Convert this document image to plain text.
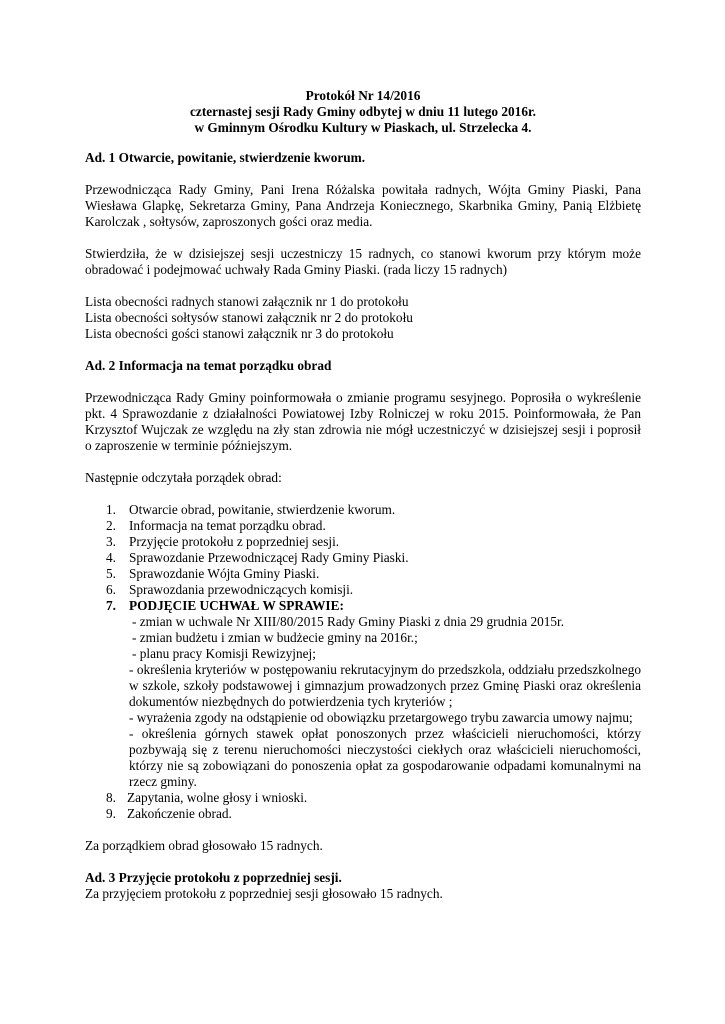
Protokół Nr 14/2016
czternastej sesji Rady Gminy odbytej w dniu 11 lutego 2016r.
w Gminnym Ośrodku Kultury w Piaskach, ul. Strzelecka 4.
Ad. 1 Otwarcie, powitanie, stwierdzenie kworum.
Przewodnicząca Rady Gminy, Pani Irena Różalska powitała radnych, Wójta Gminy Piaski, Pana Wiesława Glapkę, Sekretarza Gminy, Pana Andrzeja Koniecznego, Skarbnika Gminy, Panią Elżbietę Karolczak , sołtysów, zaproszonych gości oraz media.
Stwierdziła, że w dzisiejszej sesji uczestniczy 15 radnych, co stanowi kworum przy którym może obradować i podejmować uchwały Rada Gminy Piaski. (rada liczy 15 radnych)
Lista obecności radnych stanowi załącznik nr 1 do protokołu
Lista obecności sołtysów stanowi załącznik nr 2 do protokołu
Lista obecności gości stanowi załącznik nr 3 do protokołu
Ad. 2 Informacja na temat porządku obrad
Przewodnicząca Rady Gminy poinformowała o zmianie programu sesyjnego. Poprosiła o wykreślenie pkt. 4 Sprawozdanie z działalności Powiatowej Izby Rolniczej w roku 2015. Poinformowała, że Pan Krzysztof Wujczak ze względu na zły stan zdrowia nie mógł uczestniczyć w dzisiejszej sesji i poprosił o zaproszenie w terminie późniejszym.
Następnie odczytała porządek obrad:
1. Otwarcie obrad, powitanie, stwierdzenie kworum.
2. Informacja na temat porządku obrad.
3. Przyjęcie protokołu z poprzedniej sesji.
4. Sprawozdanie Przewodniczącej Rady Gminy Piaski.
5. Sprawozdanie Wójta Gminy Piaski.
6. Sprawozdania przewodniczących komisji.
7. PODJĘCIE UCHWAŁ W SPRAWIE:
- zmian w uchwale Nr XIII/80/2015 Rady Gminy Piaski z dnia 29 grudnia 2015r.
- zmian budżetu i zmian w budżecie gminy na 2016r.;
- planu pracy Komisji Rewizyjnej;
- określenia kryteriów w postępowaniu rekrutacyjnym do przedszkola, oddziału przedszkolnego w szkole, szkoły podstawowej i gimnazjum prowadzonych przez Gminę Piaski oraz określenia dokumentów niezbędnych do potwierdzenia tych kryteriów ;
- wyrażenia zgody na odstąpienie od obowiązku przetargowego trybu zawarcia umowy najmu;
- określenia górnych stawek opłat ponoszonych przez właścicieli nieruchomości, którzy pozbywają się z terenu nieruchomości nieczystości ciekłych oraz właścicieli nieruchomości, którzy nie są zobowiązani do ponoszenia opłat za gospodarowanie odpadami komunalnymi na rzecz gminy.
8. Zapytania, wolne głosy i wnioski.
9. Zakończenie obrad.
Za porządkiem obrad głosowało 15 radnych.
Ad. 3 Przyjęcie protokołu z poprzedniej sesji.
Za przyjęciem protokołu z poprzedniej sesji głosowało 15 radnych.
